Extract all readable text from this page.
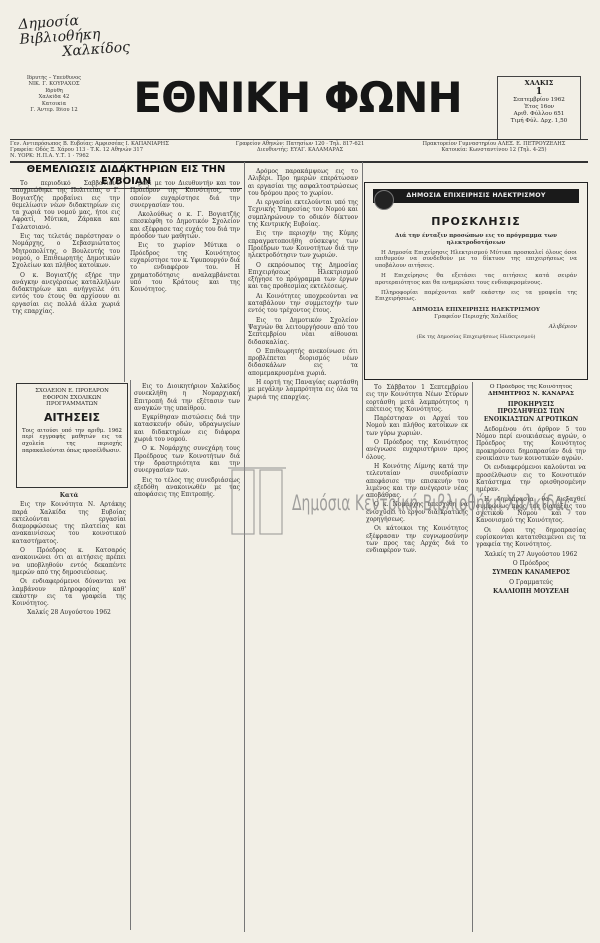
Δημοσία Βιβλιοθήκη
Χαλκίδος
Ιδρυτής – Υπεύθυνος
ΝΙΚ. Γ. ΚΟΥΡΑΧΟΣ
Ιδρύθη
Χαλκίδα 42
Κατοικία
Γ. Άντερ. Ιδίου 12	ΕΘΝΙΚΗ ΦΩΝΗ	ΧΑΛΚΙΣ
1
Σεπτεμβρίου 1962
Έτος 16ον
Αριθ. Φύλλου 651
Τιμή Φύλ. Δρχ. 1,50
Γεν. Αντιπρόσωπος Β. Ευβοίας: Αμφισσέας Ι. ΚΑΠΑΝΙΑΡΗΣ
Γραφεία: Οδός Ξ. Χάρου 113 · Τ.Κ. 12 Αθηνών 317
Ν. ΥΟΡΚ: Η.Π.Α. Υ.Τ. 1 · 7962
Γραφείον Αθηνών: Πατησίων 120 · Τηλ. 817-621
Διευθυντής: ΕΥΑΓ. ΚΑΛΑΜΑΡΑΣ
Πρακτορείον Γυμναστηρίου ΑΛΕΞ. Ε. ΠΕΤΡΟΥΖΕΛΗΣ
Κατοικία: Κωνσταντίνου 12 (Τηλ. 4-25)
ΘΕΜΕΛΙΩΣΙΣ ΔΙΔΑΚΤΗΡΙΩΝ ΕΙΣ ΤΗΝ ΕΥΒΟΙΑΝ

Το περιοδικό Σαββατιανό υποχρεώθηκε της Πολιτείας ο Γ. Βογιατζής προβαίνει εις την θεμελίωσιν νέων διδακτηρίων εις τα χωριά του νομού μας, ήτοι εις Αφρατί, Μύτικα, Ζάρακα και Γαλατσιανό.

Εις τας τελετάς παρέστησαν ο Νομάρχης, ο Σεβασμιώτατος Μητροπολίτης, ο Βουλευτής του νομού, ο Επιθεωρητής Δημοτικών Σχολείων και πλήθος κατοίκων.

Ο κ. Βογιατζής εξήρε την ανάγκην ανεγέρσεως καταλλήλων διδακτηρίων και ανήγγειλε ότι εντός του έτους θα αρχίσουν αι εργασίαι εις πολλά άλλα χωριά της επαρχίας.

μαζί με τον Διευθυντήν και τον Πρόεδρον της Κοινότητος, τον οποίον ευχαρίστησε διά την συνεργασίαν του.

Ακολούθως ο κ. Γ. Βογιατζής επεσκέφθη το Δημοτικόν Σχολείον και εξέφρασε τας ευχάς του διά την πρόοδον των μαθητών.

Εις το χωρίον Μύτικα ο Πρόεδρος της Κοινότητος ευχαρίστησε τον κ. Υφυπουργόν διά το ενδιαφέρον του. Η χρηματοδότησις αναλαμβάνεται υπό του Κράτους και της Κοινότητος.

ΣΧΟΛΕΙΟΝ Ε. ΠΡΟΕΔΡΟΝ
ΕΦΟΡΟΝ ΣΧΟΛΙΚΩΝ
ΠΡΟΓΡΑΜΜΑΤΩΝ
ΑΙΤΗΣΕΙΣ
Τοις αιτούσι υπό την αριθμ. 1962 περί εγγραφής μαθητών εις τα σχολεία της περιοχής παρακαλούνται όπως προσέλθωσιν.

Κατά

Εις την Κοινότητα Ν. Αρτάκης παρά Χαλκίδα της Ευβοίας εκτελούνται εργασίαι διαμορφώσεως της πλατείας και ανακαινίσεως του κοινοτικού καταστήματος.

Ο Πρόεδρος κ. Κατσαρός ανακοινώνει ότι αι αιτήσεις πρέπει να υποβληθούν εντός δεκαπέντε ημερών από της δημοσιεύσεως.

Οι ενδιαφερόμενοι δύνανται να λαμβάνουν πληροφορίας καθ' εκάστην εις τα γραφεία της Κοινότητος.

Χαλκίς 28 Αυγούστου 1962

Εις το Διοικητήριον Χαλκίδος συνεκλήθη η Νομαρχιακή Επιτροπή διά την εξέτασιν των αναγκών της υπαίθρου.

Εγκρίθησαν πιστώσεις διά την κατασκευήν οδών, υδραγωγείων και διδακτηρίων εις διάφορα χωριά του νομού.

Ο κ. Νομάρχης συνεχάρη τους Προέδρους των Κοινοτήτων διά την δραστηριότητα και την συνεργασίαν των.

Εις το τέλος της συνεδριάσεως εξεδόθη ανακοινωθέν με τας αποφάσεις της Επιτροπής.

Δρόμος παρακάμψεως εις το Αλιβέρι. Προ ημερών επεράτωσαν αι εργασίαι της ασφαλτοστρώσεως του δρόμου προς το χωρίον.

Αι εργασίαι εκτελούνται υπό της Τεχνικής Υπηρεσίας του Νομού και συμπληρώνουν το οδικόν δίκτυον της Κεντρικής Ευβοίας.

Εις την περιοχήν της Κύμης επραγματοποιήθη σύσκεψις των Προέδρων των Κοινοτήτων διά την ηλεκτροδότησιν των χωριών.

Ο εκπρόσωπος της Δημοσίας Επιχειρήσεως Ηλεκτρισμού εξήγησε το πρόγραμμα των έργων και τας προθεσμίας εκτελέσεως.

Αι Κοινότητες υποχρεούνται να καταβάλουν την συμμετοχήν των εντός του τρέχοντος έτους.

Εις το Δημοτικόν Σχολείον Ψαχνών θα λειτουργήσουν από του Σεπτεμβρίου νέαι αίθουσαι διδασκαλίας.

Ο Επιθεωρητής ανεκοίνωσε ότι προβλέπεται διορισμός νέων διδασκάλων εις τα απομεμακρυσμένα χωριά.

Η εορτή της Παναγίας εωρτάσθη με μεγάλην λαμπρότητα εις όλα τα χωριά της επαρχίας.

ΔΗΜΟΣΙΑ ΕΠΙΧΕΙΡΗΣΙΣ ΗΛΕΚΤΡΙΣΜΟΥ
ΠΡΟΣΚΛΗΣΙΣ

Διά την ένταξιν προσώπων εις το πρόγραμμα των ηλεκτροδοτήσεων

Η Δημοσία Επιχείρησις Ηλεκτρισμού Μύτικα προσκαλεί όλους όσοι επιθυμούν να συνδεθούν με το δίκτυον της επιχειρήσεως να υποβάλουν αιτήσεις.

Η Επιχείρησις θα εξετάσει τας αιτήσεις κατά σειράν προτεραιότητος και θα ενημερώσει τους ενδιαφερομένους.

Πληροφορίαι παρέχονται καθ' εκάστην εις τα γραφεία της Επιχειρήσεως.

ΔΗΜΟΣΙΑ ΕΠΙΧΕΙΡΗΣΙΣ ΗΛΕΚΤΡΙΣΜΟΥ

Γραφείον Περιοχής Χαλκίδος

Αλιβέριον

(Εκ της Δημοσίας Επιχειρήσεως Ηλεκτρισμού)

Το Σάββατον 1 Σεπτεμβρίου εις την Κοινότητα Νέων Στύρων εορτάσθη μετά λαμπρότητος η επέτειος της Κοινότητος.

Παρέστησαν οι Αρχαί του Νομού και πλήθος κατοίκων εκ των γύρω χωριών.

Ο Πρόεδρος της Κοινότητος ανέγνωσε ευχαριστήριον προς όλους.

Η Κοινότης Λίμνης κατά την τελευταίαν συνεδρίασιν απεφάσισε την επισκευήν του λιμένος και την ανέγερσιν νέας αποβάθρας.

Ο κ. Νομάρχης υπεσχέθη να ενισχύσει το έργον διά κρατικής χορηγήσεως.

Οι κάτοικοι της Κοινότητος εξέφρασαν την ευγνωμοσύνην των προς τας Αρχάς διά το ενδιαφέρον των.

Ο Πρόεδρος της Κοινότητος
ΔΗΜΗΤΡΙΟΣ Ν. ΚΑΝΑΡΑΣ
ΠΡΟΚΗΡΥΞΙΣ
ΠΡΟΣΛΗΨΕΩΣ ΤΩΝ
ΕΝΟΙΚΙΑΣΤΩΝ ΑΓΡΟΤΙΚΩΝ

Δεδομένου ότι άρθρον 5 του Νόμου περί ενοικιάσεως αγρών, ο Πρόεδρος της Κοινότητος προκηρύσσει δημοπρασίαν διά την ενοικίασιν των κοινοτικών αγρών.

Οι ενδιαφερόμενοι καλούνται να προσέλθωσιν εις το Κοινοτικόν Κατάστημα την ορισθησομένην ημέραν.

Η δημοπρασία θα διεξαχθεί συμφώνως προς τας διατάξεις του σχετικού Νόμου και του Κανονισμού της Κοινότητος.

Οι όροι της δημοπρασίας ευρίσκονται κατατεθειμένοι εις τα γραφεία της Κοινότητος.

Χαλκίς τη 27 Αυγούστου 1962

Ο Πρόεδρος

ΣΥΜΕΩΝ ΚΑΝΑΜΕΡΟΣ

Ο Γραμματεύς

ΚΑΛΛΙΟΠΗ ΜΟΥΖΕΛΗ

Δημόσια Κεντρική Βιβλιοθήκη Χαλκίδας
